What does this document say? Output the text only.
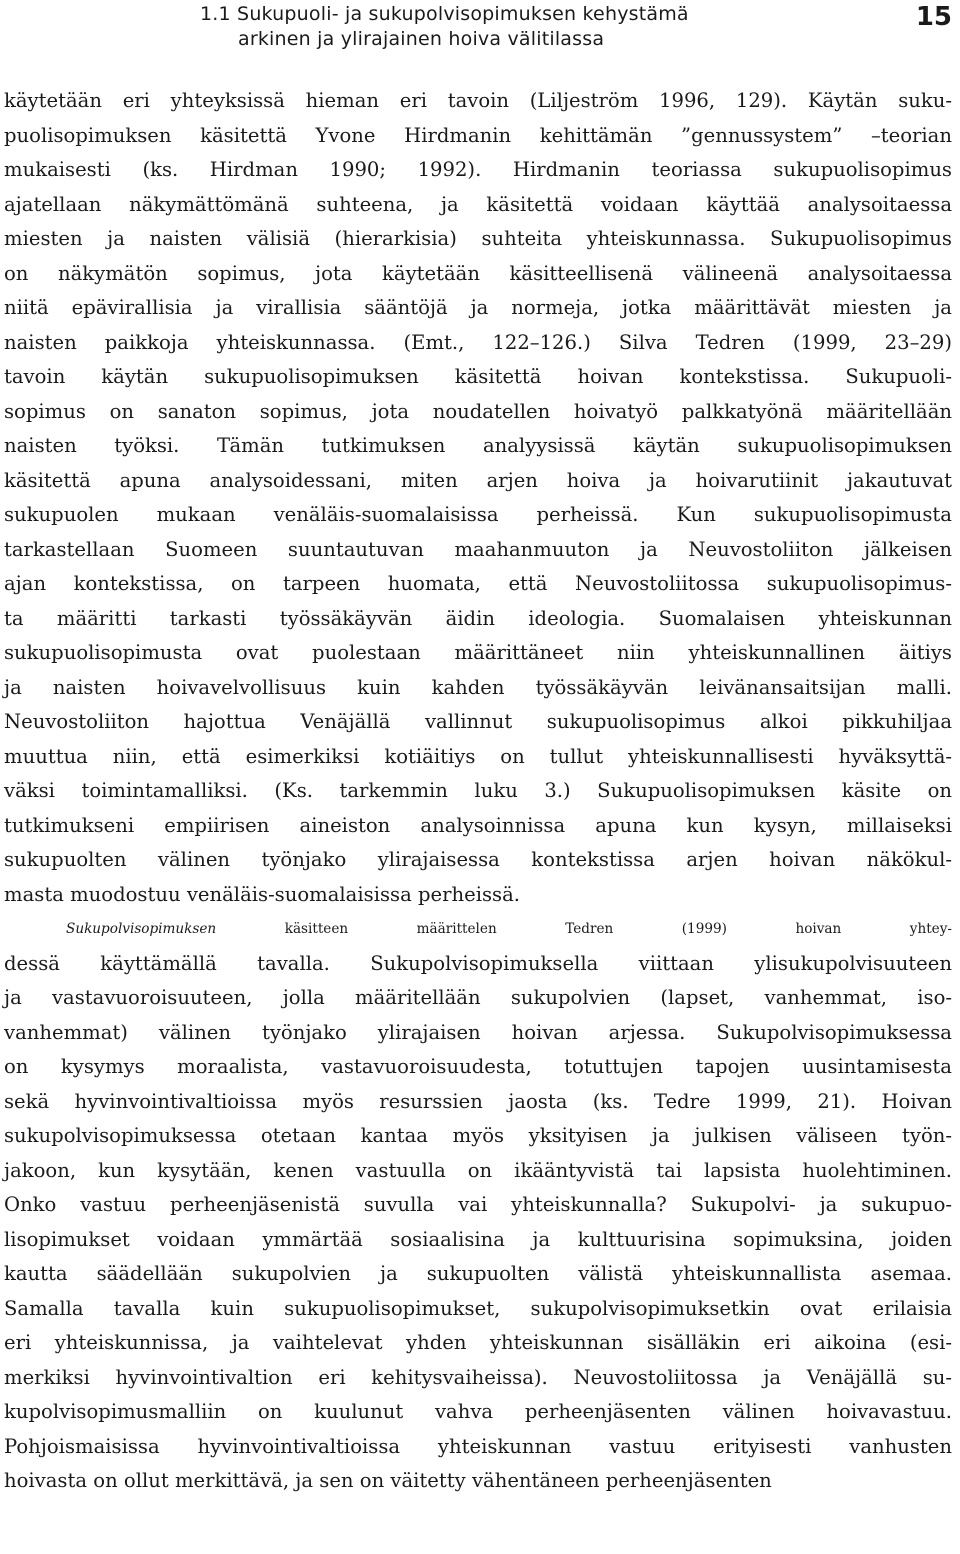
1.1 Sukupuoli- ja sukupolvisopimuksen kehystämä
arkinen ja ylirajainen hoiva välitilassa
15
käytetään eri yhteyksissä hieman eri tavoin (Liljeström 1996, 129). Käytän suku-
puolisopimuksen käsitettä Yvone Hirdmanin kehittämän ”gennussystem” –teorian
mukaisesti (ks. Hirdman 1990; 1992). Hirdmanin teoriassa sukupuolisopimus
ajatellaan näkymättömänä suhteena, ja käsitettä voidaan käyttää analysoitaessa
miesten ja naisten välisiä (hierarkisia) suhteita yhteiskunnassa. Sukupuolisopimus
on näkymätön sopimus, jota käytetään käsitteellisenä välineenä analysoitaessa
niitä epävirallisia ja virallisia sääntöjä ja normeja, jotka määrittävät miesten ja
naisten paikkoja yhteiskunnassa. (Emt., 122–126.) Silva Tedren (1999, 23–29)
tavoin käytän sukupuolisopimuksen käsitettä hoivan kontekstissa. Sukupuoli-
sopimus on sanaton sopimus, jota noudatellen hoivatyö palkkatyönä määritellään
naisten työksi. Tämän tutkimuksen analyysissä käytän sukupuolisopimuksen
käsitettä apuna analysoidessani, miten arjen hoiva ja hoivarutiinit jakautuvat
sukupuolen mukaan venäläis-suomalaisissa perheissä. Kun sukupuolisopimusta
tarkastellaan Suomeen suuntautuvan maahanmuuton ja Neuvostoliiton jälkeisen
ajan kontekstissa, on tarpeen huomata, että Neuvostoliitossa sukupuolisopimus-
ta määritti tarkasti työssäkäyvän äidin ideologia. Suomalaisen yhteiskunnan
sukupuolisopimusta ovat puolestaan määrittäneet niin yhteiskunnallinen äitiys
ja naisten hoivavelvollisuus kuin kahden työssäkäyvän leivänansaitsijan malli.
Neuvostoliiton hajottua Venäjällä vallinnut sukupuolisopimus alkoi pikkuhiljaa
muuttua niin, että esimerkiksi kotiäitiys on tullut yhteiskunnallisesti hyväksyttä-
väksi toimintamalliksi. (Ks. tarkemmin luku 3.) Sukupuolisopimuksen käsite on
tutkimukseni empiirisen aineiston analysoinnissa apuna kun kysyn, millaiseksi
sukupuolten välinen työnjako ylirajaisessa kontekstissa arjen hoivan näkökul-
masta muodostuu venäläis-suomalaisissa perheissä.
Sukupolvisopimuksen käsitteen määrittelen Tedren (1999) hoivan yhtey-
dessä käyttämällä tavalla. Sukupolvisopimuksella viittaan ylisukupolvisuuteen
ja vastavuoroisuuteen, jolla määritellään sukupolvien (lapset, vanhemmat, iso-
vanhemmat) välinen työnjako ylirajaisen hoivan arjessa. Sukupolvisopimuksessa
on kysymys moraalista, vastavuoroisuudesta, totuttujen tapojen uusintamisesta
sekä hyvinvointivaltioissa myös resurssien jaosta (ks. Tedre 1999, 21). Hoivan
sukupolvisopimuksessa otetaan kantaa myös yksityisen ja julkisen väliseen työn-
jakoon, kun kysytään, kenen vastuulla on ikääntyvistä tai lapsista huolehtiminen.
Onko vastuu perheenjäsenistä suvulla vai yhteiskunnalla? Sukupolvi- ja sukupuo-
lisopimukset voidaan ymmärtää sosiaalisina ja kulttuurisina sopimuksina, joiden
kautta säädellään sukupolvien ja sukupuolten välistä yhteiskunnallista asemaa.
Samalla tavalla kuin sukupuolisopimukset, sukupolvisopimuksetkin ovat erilaisia
eri yhteiskunnissa, ja vaihtelevat yhden yhteiskunnan sisälläkin eri aikoina (esi-
merkiksi hyvinvointivaltion eri kehitysvaiheissa). Neuvostoliitossa ja Venäjällä su-
kupolvisopimusmalliin on kuulunut vahva perheenjäsenten välinen hoivavastuu.
Pohjoismaisissa hyvinvointivaltioissa yhteiskunnan vastuu erityisesti vanhusten
hoivasta on ollut merkittävä, ja sen on väitetty vähentäneen perheenjäsenten
